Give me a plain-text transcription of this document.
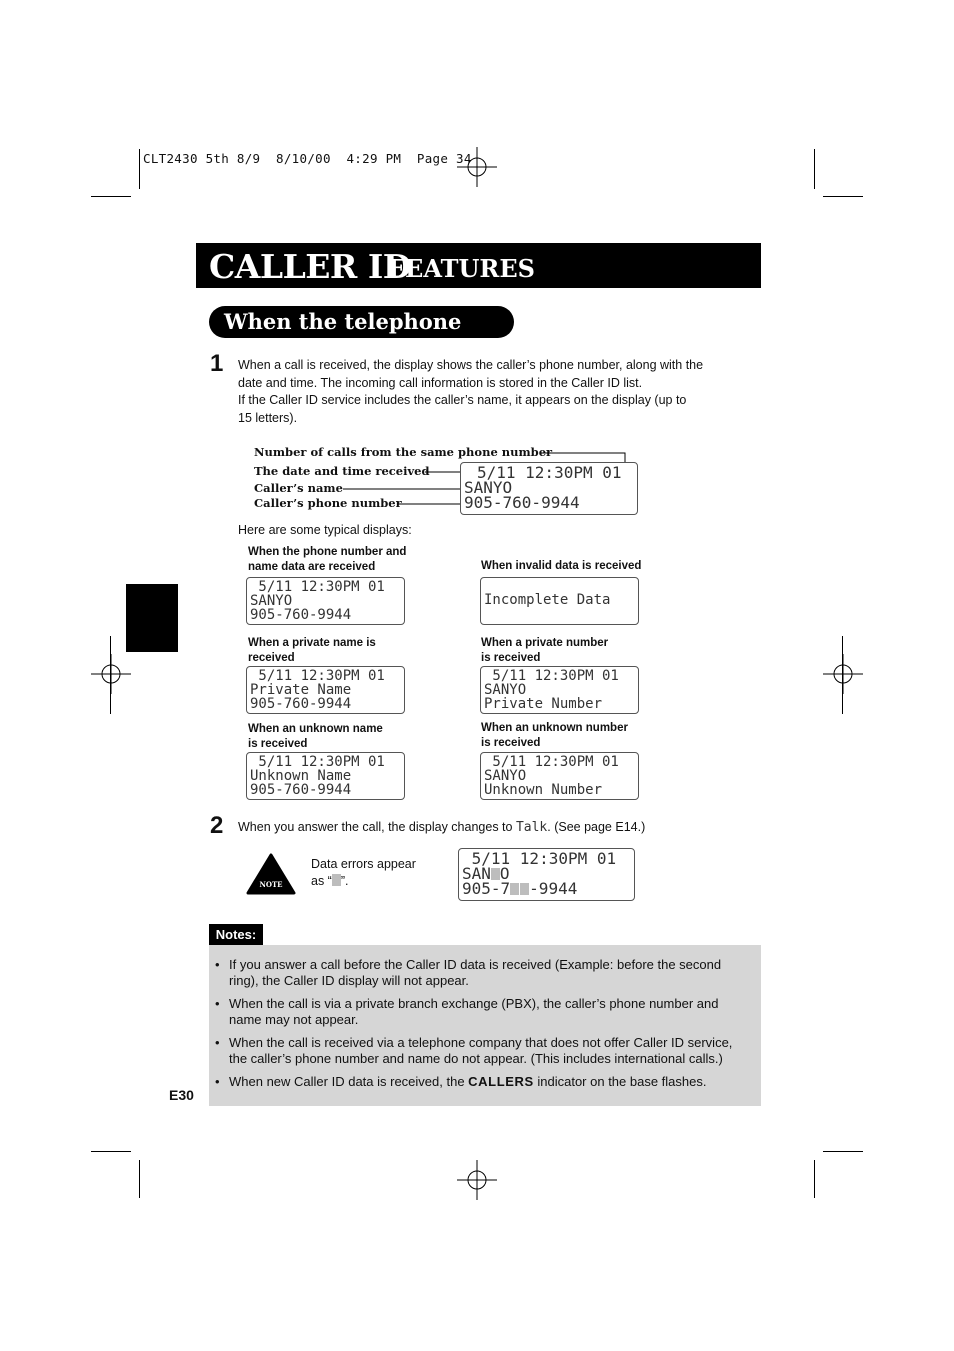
CLT2430 5th 8/9  8/10/00  4:29 PM  Page 34
CALLER ID
FEATURES
When the telephone rings
1 When a call is received, the display shows the caller’s phone number, along with the
date and time. The incoming call information is stored in the Caller ID list.
If the Caller ID service includes the caller’s name, it appears on the display (up to
15 letters).
Number of calls from the same phone number
The date and time received
Caller’s name
Caller’s phone number
5/11 12:30PM 01
SANYO
905-760-9944
Here are some typical displays:
When the phone number and
name data are received
5/11 12:30PM 01
SANYO
905-760-9944
When invalid data is received
Incomplete Data
When a private name is
received
5/11 12:30PM 01
Private Name
905-760-9944
When a private number
is received
5/11 12:30PM 01
SANYO
Private Number
When an unknown name
is received
5/11 12:30PM 01
Unknown Name
905-760-9944
When an unknown number
is received
5/11 12:30PM 01
SANYO
Unknown Number
2 When you answer the call, the display changes to Talk. (See page E14.)
NOTE
Data errors appear
as “ ”.
5/11 12:30PM 01
SAN O
905-7 -9944
Notes:
• If you answer a call before the Caller ID data is received (Example: before the second ring), the Caller ID display will not appear.
• When the call is via a private branch exchange (PBX), the caller’s phone number and name may not appear.
• When the call is received via a telephone company that does not offer Caller ID service, the caller’s phone number and name do not appear. (This includes international calls.)
• When new Caller ID data is received, the CALLERS indicator on the base flashes.
E30
